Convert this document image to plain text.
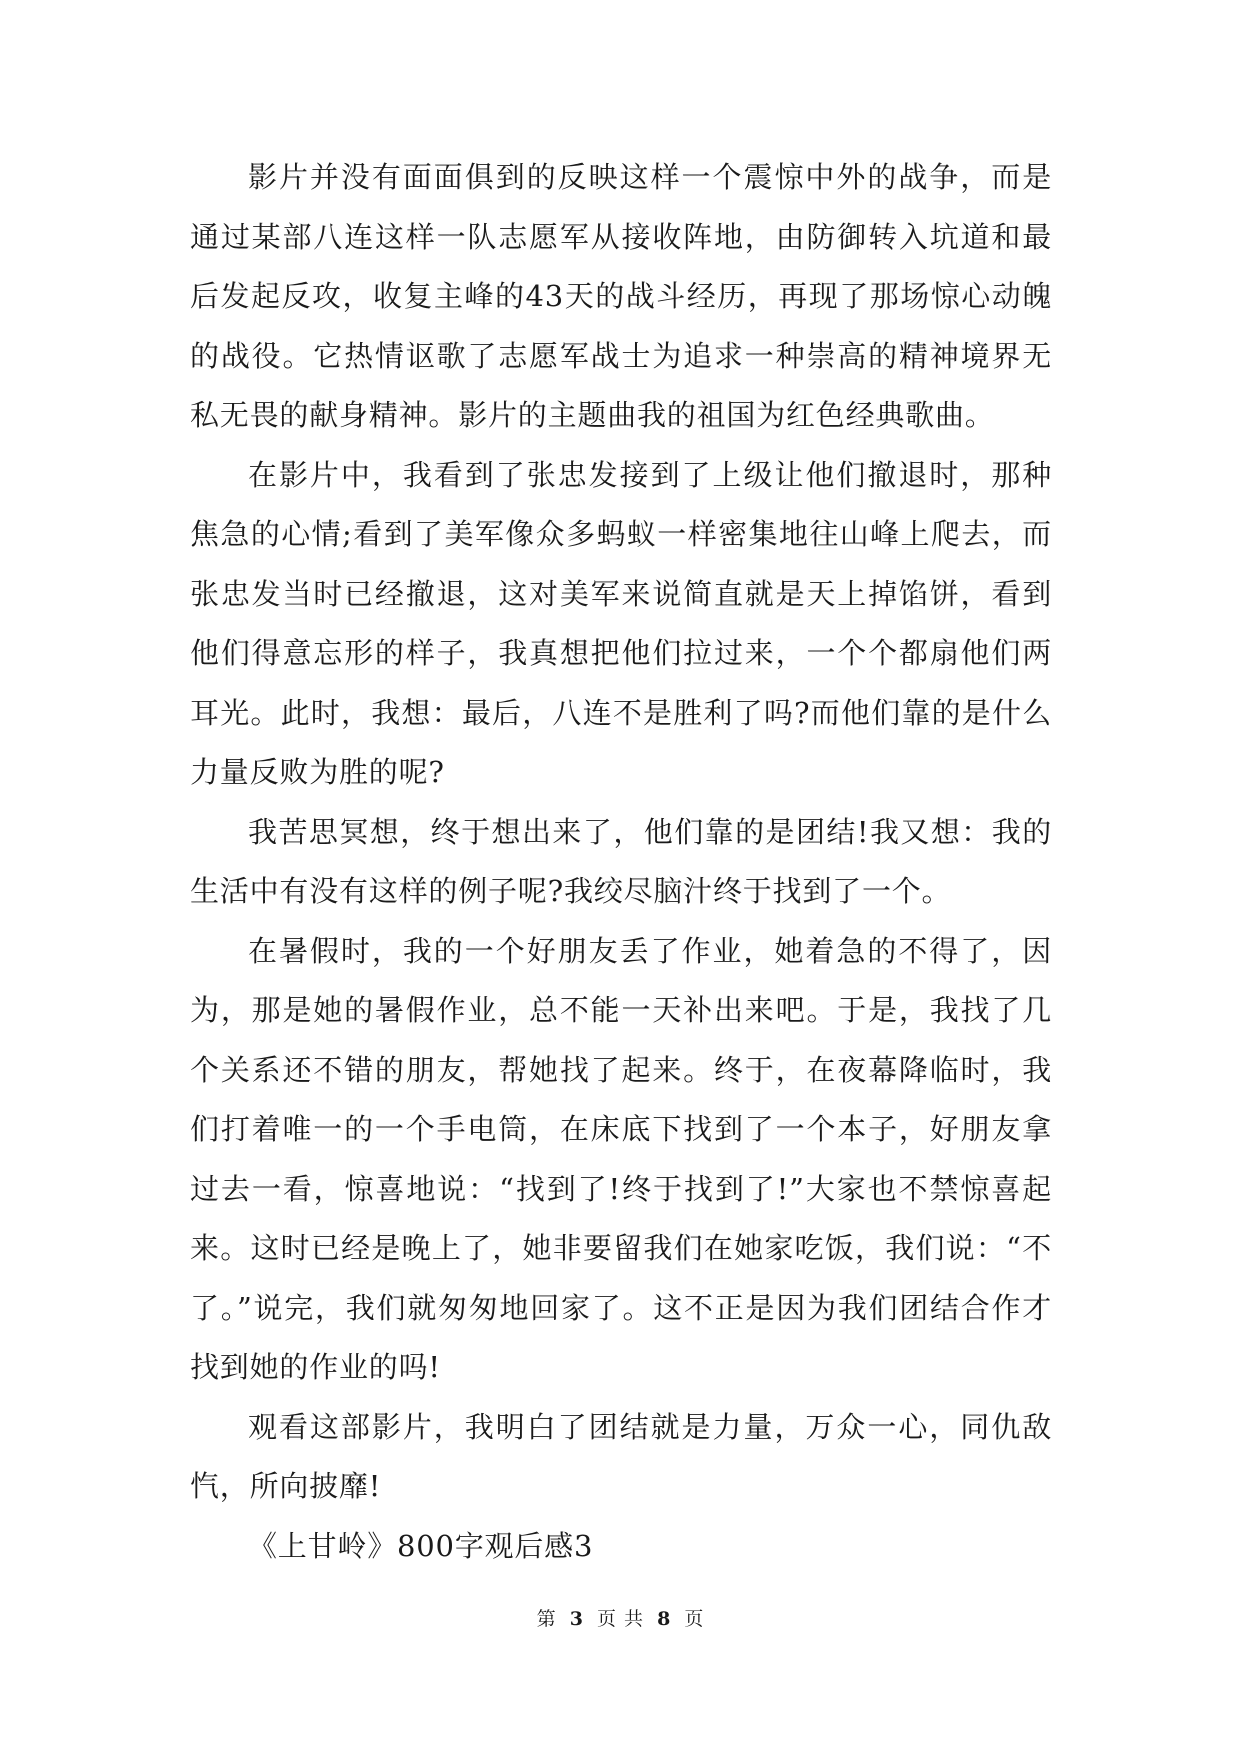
影片并没有面面俱到的反映这样一个震惊中外的战争，而是通过某部八连这样一队志愿军从接收阵地，由防御转入坑道和最后发起反攻，收复主峰的43天的战斗经历，再现了那场惊心动魄的战役。它热情讴歌了志愿军战士为追求一种崇高的精神境界无私无畏的献身精神。影片的主题曲我的祖国为红色经典歌曲。

在影片中，我看到了张忠发接到了上级让他们撤退时，那种焦急的心情;看到了美军像众多蚂蚁一样密集地往山峰上爬去，而张忠发当时已经撤退，这对美军来说简直就是天上掉馅饼，看到他们得意忘形的样子，我真想把他们拉过来，一个个都扇他们两耳光。此时，我想：最后，八连不是胜利了吗?而他们靠的是什么力量反败为胜的呢?

我苦思冥想，终于想出来了，他们靠的是团结!我又想：我的生活中有没有这样的例子呢?我绞尽脑汁终于找到了一个。

在暑假时，我的一个好朋友丢了作业，她着急的不得了，因为，那是她的暑假作业，总不能一天补出来吧。于是，我找了几个关系还不错的朋友，帮她找了起来。终于，在夜幕降临时，我们打着唯一的一个手电筒，在床底下找到了一个本子，好朋友拿过去一看，惊喜地说：“找到了!终于找到了!”大家也不禁惊喜起来。这时已经是晚上了，她非要留我们在她家吃饭，我们说：“不了。”说完，我们就匆匆地回家了。这不正是因为我们团结合作才找到她的作业的吗!

观看这部影片，我明白了团结就是力量，万众一心，同仇敌忾，所向披靡!

《上甘岭》800字观后感3

第 3 页 共 8 页
